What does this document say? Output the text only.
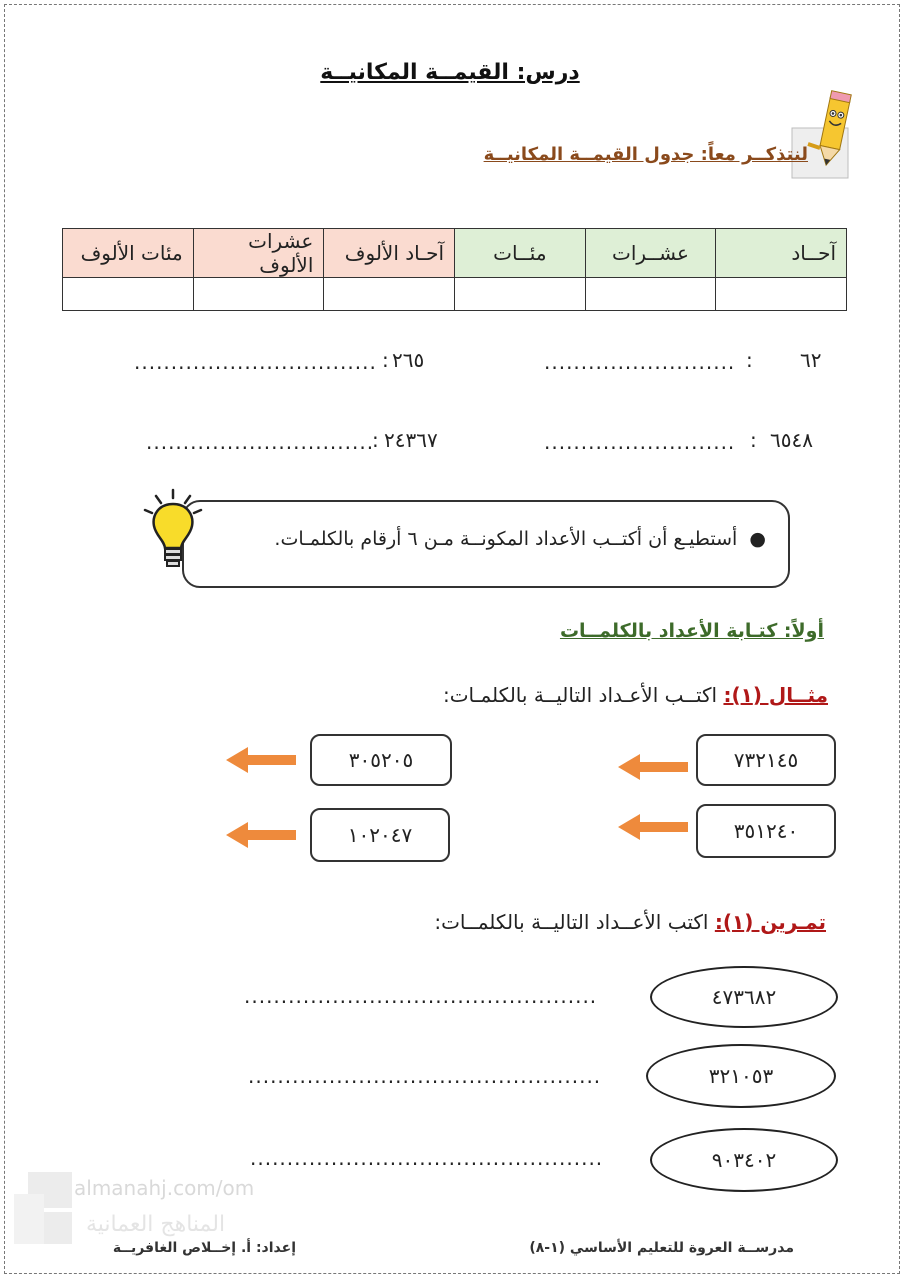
درس: القيمــة المكانيــة
لنتذكــر معاً: جدول القيمــة المكانيــة
آحــاد	عشــرات	مئــات	آحـاد الألوف	عشرات الألوف	مئات الألوف

٦٢
:
..........................
٢٦٥
:
.................................
٦٥٤٨
:
..........................
٢٤٣٦٧
:
...............................
●  أستطيـع أن أكتــب الأعداد المكونــة مـن ٦ أرقام بالكلمـات.
أولاً: كتـابة الأعداد بالكلمــات
مثــال (١): اكتــب الأعـداد التاليــة بالكلمـات:
٧٣٢١٤٥
٣٠٥٢٠٥
٣٥١٢٤٠
١٠٢٠٤٧
تمـرين (١): اكتب الأعــداد التاليــة بالكلمــات:
٤٧٣٦٨٢
٣٢١٠٥٣
٩٠٣٤٠٢
................................................
................................................
................................................
almanahj.com/om
المناهج العمانية
مدرســة العروة للتعليم الأساسي (١-٨)
إعداد: أ. إخــلاص الغافريــة
